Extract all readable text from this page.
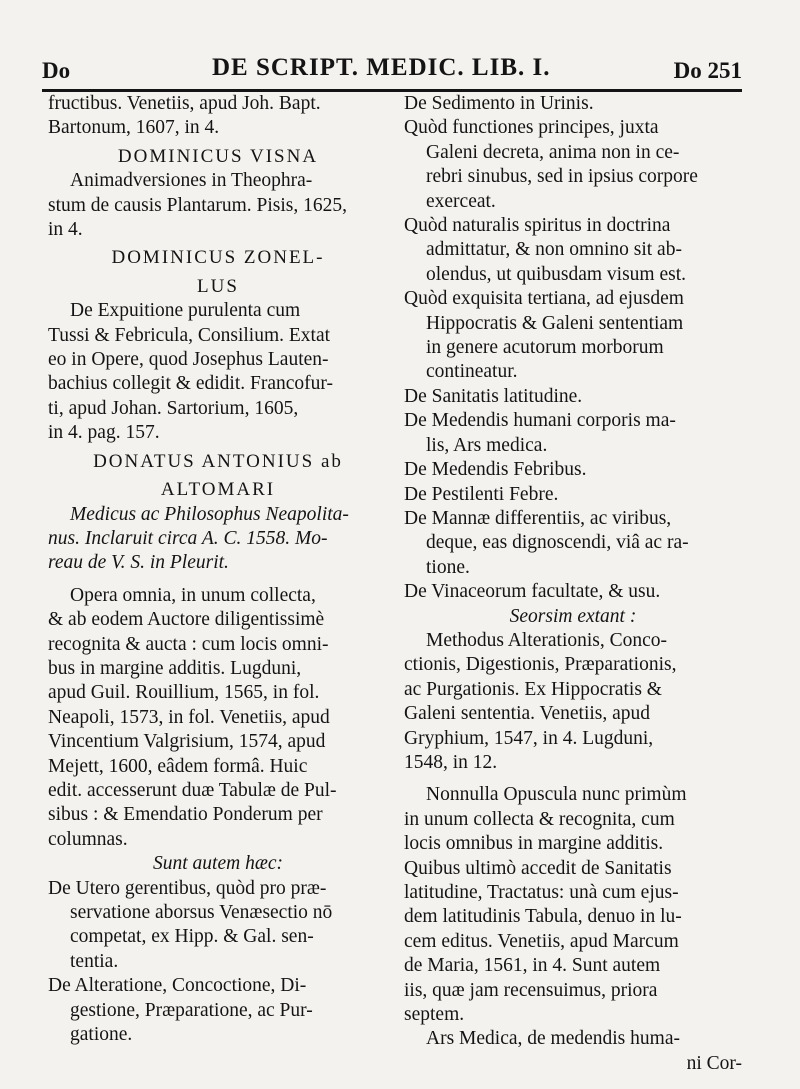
Do	DE SCRIPT. MEDIC. LIB. I.	Do 251
fructibus. Venetiis, apud Joh. Bapt.
Bartonum, 1607, in 4.
DOMINICUS VISNA
Animadversiones in Theophra-
stum de causis Plantarum. Pisis, 1625,
in 4.
DOMINICUS ZONEL-
LUS
De Expuitione purulenta cum
Tussi & Febricula, Consilium. Extat
eo in Opere, quod Josephus Lauten-
bachius collegit & edidit. Francofur-
ti, apud Johan. Sartorium, 1605,
in 4. pag. 157.
DONATUS ANTONIUS ab
ALTOMARI
Medicus ac Philosophus Neapolita-
nus. Inclaruit circa A. C. 1558. Mo-
reau de V. S. in Pleurit.
Opera omnia, in unum collecta,
& ab eodem Auctore diligentissimè
recognita & aucta : cum locis omni-
bus in margine additis. Lugduni,
apud Guil. Rouillium, 1565, in fol.
Neapoli, 1573, in fol. Venetiis, apud
Vincentium Valgrisium, 1574, apud
Mejett, 1600, eâdem formâ. Huic
edit. accesserunt duæ Tabulæ de Pul-
sibus : & Emendatio Ponderum per
columnas.
Sunt autem hæc:
De Utero gerentibus, quòd pro præ-
servatione aborsus Venæsectio nō
competat, ex Hipp. & Gal. sen-
tentia.
De Alteratione, Concoctione, Di-
gestione, Præparatione, ac Pur-
gatione.
De Sedimento in Urinis.
Quòd functiones principes, juxta
Galeni decreta, anima non in ce-
rebri sinubus, sed in ipsius corpore
exerceat.
Quòd naturalis spiritus in doctrina
admittatur, & non omnino sit ab-
olendus, ut quibusdam visum est.
Quòd exquisita tertiana, ad ejusdem
Hippocratis & Galeni sententiam
in genere acutorum morborum
contineatur.
De Sanitatis latitudine.
De Medendis humani corporis ma-
lis, Ars medica.
De Medendis Febribus.
De Pestilenti Febre.
De Mannæ differentiis, ac viribus,
deque, eas dignoscendi, viâ ac ra-
tione.
De Vinaceorum facultate, & usu.
Seorsim extant :
Methodus Alterationis, Conco-
ctionis, Digestionis, Præparationis,
ac Purgationis. Ex Hippocratis &
Galeni sententia. Venetiis, apud
Gryphium, 1547, in 4. Lugduni,
1548, in 12.
Nonnulla Opuscula nunc primùm
in unum collecta & recognita, cum
locis omnibus in margine additis.
Quibus ultimò accedit de Sanitatis
latitudine, Tractatus: unà cum ejus-
dem latitudinis Tabula, denuo in lu-
cem editus. Venetiis, apud Marcum
de Maria, 1561, in 4. Sunt autem
iis, quæ jam recensuimus, priora
septem.
Ars Medica, de medendis huma-
ni Cor-
